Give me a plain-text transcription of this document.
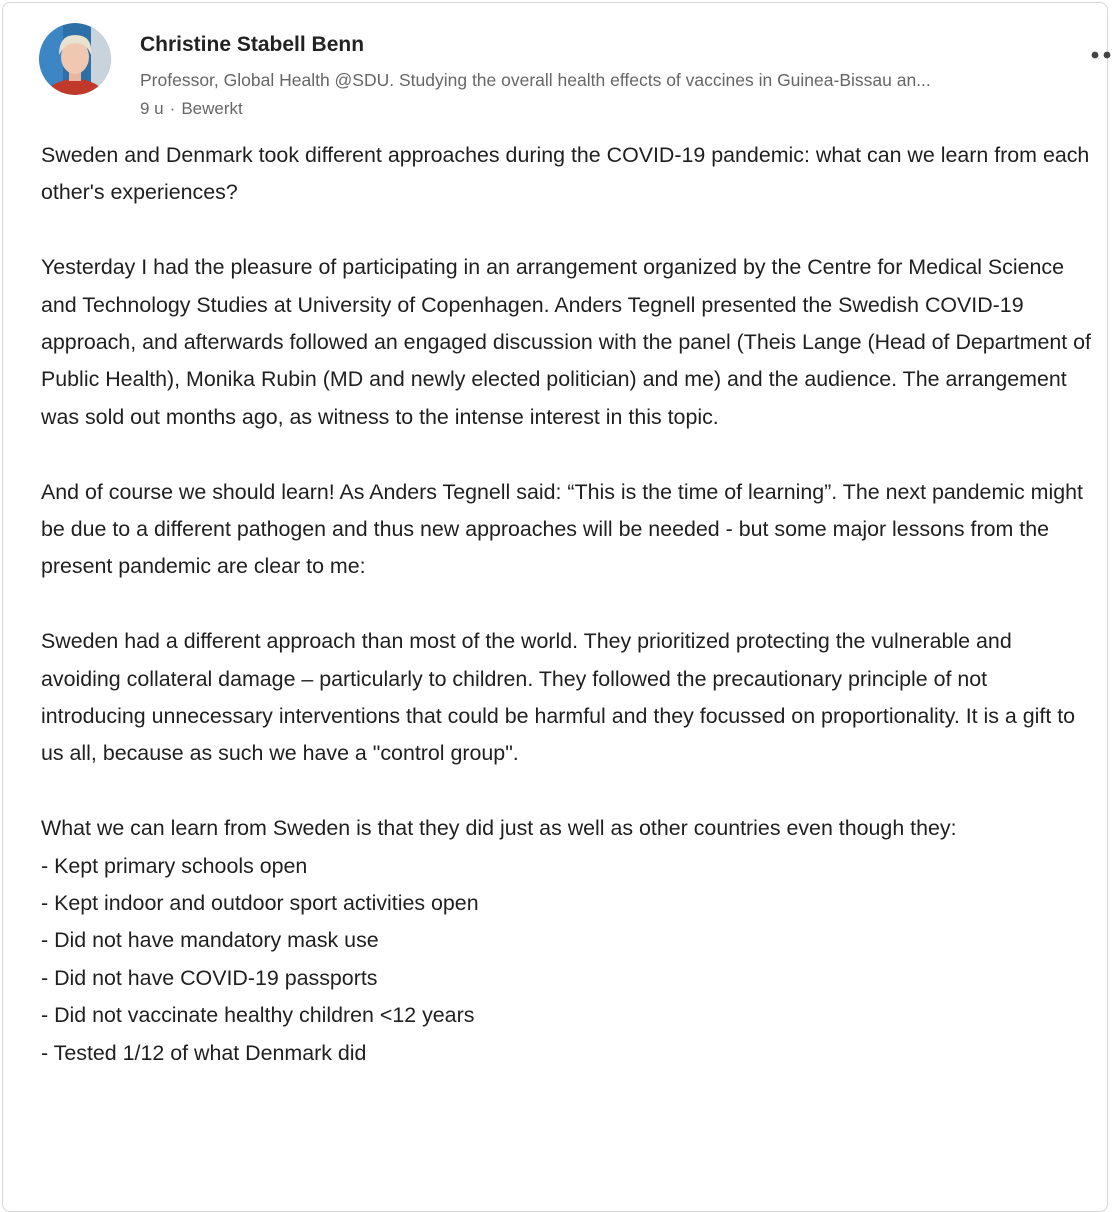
Christine Stabell Benn
Professor, Global Health @SDU. Studying the overall health effects of vaccines in Guinea-Bissau an...
9 u · Bewerkt

Sweden and Denmark took different approaches during the COVID-19 pandemic: what can we learn from each other's experiences?

Yesterday I had the pleasure of participating in an arrangement organized by the Centre for Medical Science and Technology Studies at University of Copenhagen. Anders Tegnell presented the Swedish COVID-19 approach, and afterwards followed an engaged discussion with the panel (Theis Lange (Head of Department of Public Health), Monika Rubin (MD and newly elected politician) and me) and the audience. The arrangement was sold out months ago, as witness to the intense interest in this topic.

And of course we should learn! As Anders Tegnell said: “This is the time of learning”. The next pandemic might be due to a different pathogen and thus new approaches will be needed - but some major lessons from the present pandemic are clear to me:

Sweden had a different approach than most of the world. They prioritized protecting the vulnerable and avoiding collateral damage – particularly to children. They followed the precautionary principle of not introducing unnecessary interventions that could be harmful and they focussed on proportionality. It is a gift to us all, because as such we have a "control group".

What we can learn from Sweden is that they did just as well as other countries even though they:
- Kept primary schools open
- Kept indoor and outdoor sport activities open
- Did not have mandatory mask use
- Did not have COVID-19 passports
- Did not vaccinate healthy children <12 years
- Tested 1/12 of what Denmark did
